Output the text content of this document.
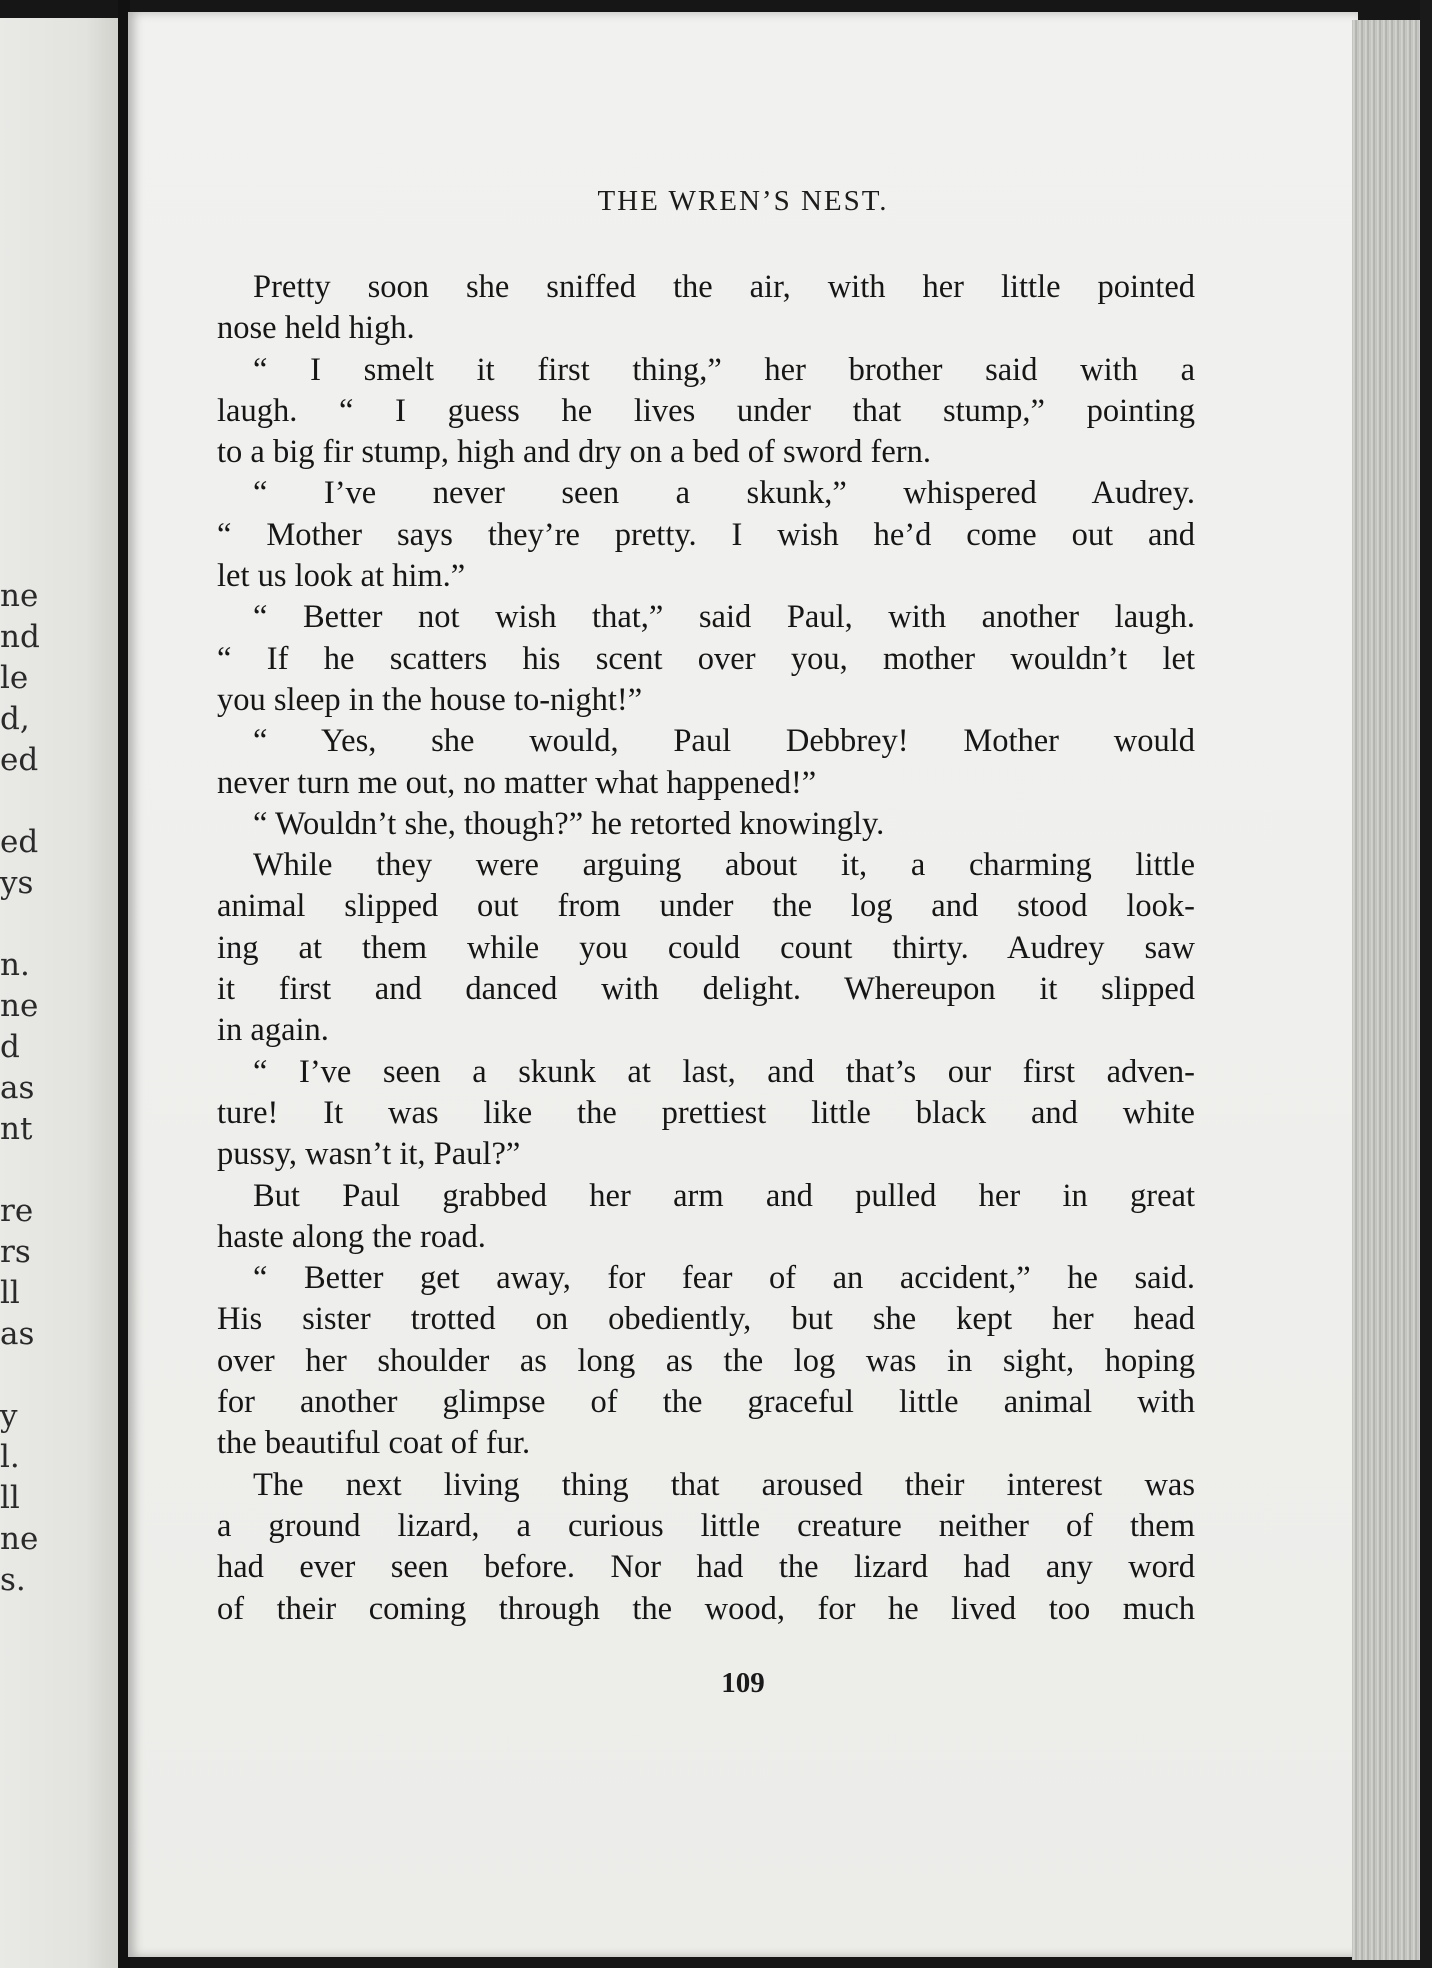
ne
nd
le
d,
ed
ed
ys
n.
ne
d
as
nt
re
rs
ll
as
y
l.
ll
ne
s.
THE WREN’S NEST.
Pretty soon she sniffed the air, with her little pointed
nose held high.
“ I smelt it first thing,” her brother said with a
laugh. “ I guess he lives under that stump,” pointing
to a big fir stump, high and dry on a bed of sword fern.
“ I’ve never seen a skunk,” whispered Audrey.
“ Mother says they’re pretty. I wish he’d come out and
let us look at him.”
“ Better not wish that,” said Paul, with another laugh.
“ If he scatters his scent over you, mother wouldn’t let
you sleep in the house to-night!”
“ Yes, she would, Paul Debbrey! Mother would
never turn me out, no matter what happened!”
“ Wouldn’t she, though?” he retorted knowingly.
While they were arguing about it, a charming little
animal slipped out from under the log and stood look-
ing at them while you could count thirty. Audrey saw
it first and danced with delight. Whereupon it slipped
in again.
“ I’ve seen a skunk at last, and that’s our first adven-
ture! It was like the prettiest little black and white
pussy, wasn’t it, Paul?”
But Paul grabbed her arm and pulled her in great
haste along the road.
“ Better get away, for fear of an accident,” he said.
His sister trotted on obediently, but she kept her head
over her shoulder as long as the log was in sight, hoping
for another glimpse of the graceful little animal with
the beautiful coat of fur.
The next living thing that aroused their interest was
a ground lizard, a curious little creature neither of them
had ever seen before. Nor had the lizard had any word
of their coming through the wood, for he lived too much

109
